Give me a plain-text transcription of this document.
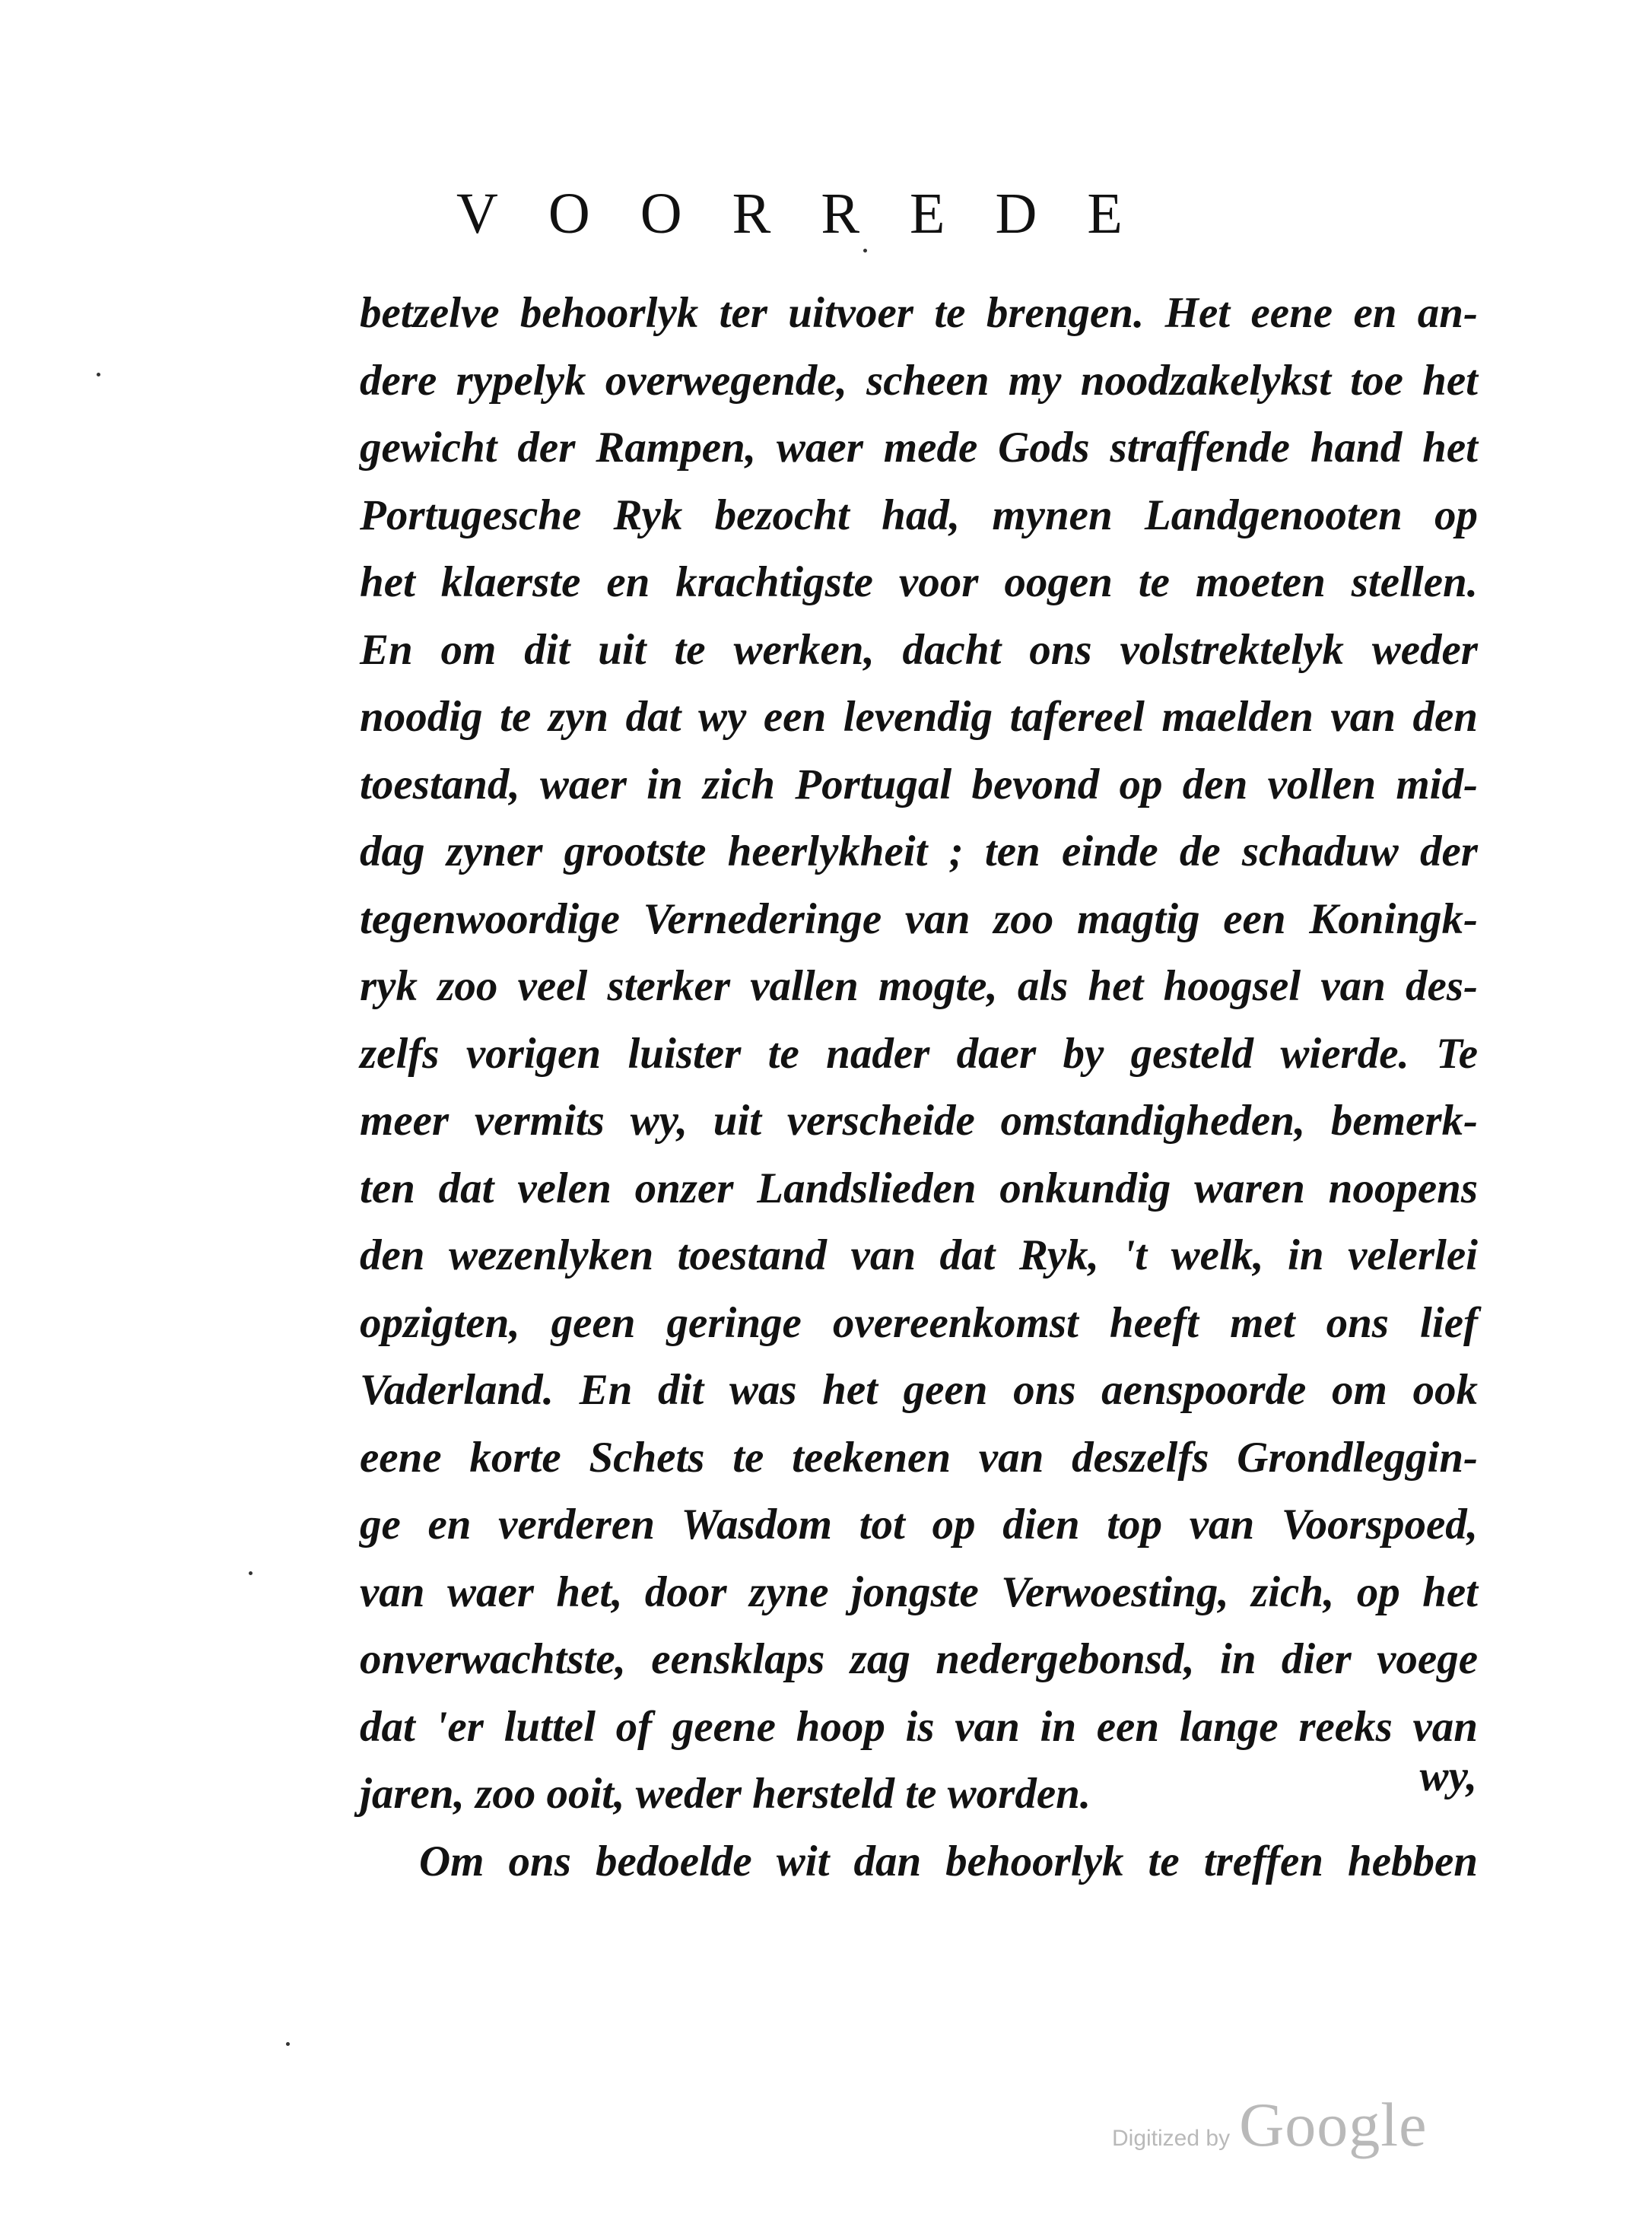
VOORREDE
betzelve behoorlyk ter uitvoer te brengen. Het eene en an-
dere rypelyk overwegende, scheen my noodzakelykst toe het
gewicht der Rampen, waer mede Gods straffende hand het
Portugesche Ryk bezocht had, mynen Landgenooten op
het klaerste en krachtigste voor oogen te moeten stellen.
En om dit uit te werken, dacht ons volstrektelyk weder
noodig te zyn dat wy een levendig tafereel maelden van den
toestand, waer in zich Portugal bevond op den vollen mid-
dag zyner grootste heerlykheit ; ten einde de schaduw der
tegenwoordige Vernederinge van zoo magtig een Koningk-
ryk zoo veel sterker vallen mogte, als het hoogsel van des-
zelfs vorigen luister te nader daer by gesteld wierde. Te
meer vermits wy, uit verscheide omstandigheden, bemerk-
ten dat velen onzer Landslieden onkundig waren noopens
den wezenlyken toestand van dat Ryk, 't welk, in velerlei
opzigten, geen geringe overeenkomst heeft met ons lief
Vaderland. En dit was het geen ons aenspoorde om ook
eene korte Schets te teekenen van deszelfs Grondleggin-
ge en verderen Wasdom tot op dien top van Voorspoed,
van waer het, door zyne jongste Verwoesting, zich, op het
onverwachtste, eensklaps zag nedergebonsd, in dier voege
dat 'er luttel of geene hoop is van in een lange reeks van
jaren, zoo ooit, weder hersteld te worden.
Om ons bedoelde wit dan behoorlyk te treffen hebben
wy,
Digitized by Google
